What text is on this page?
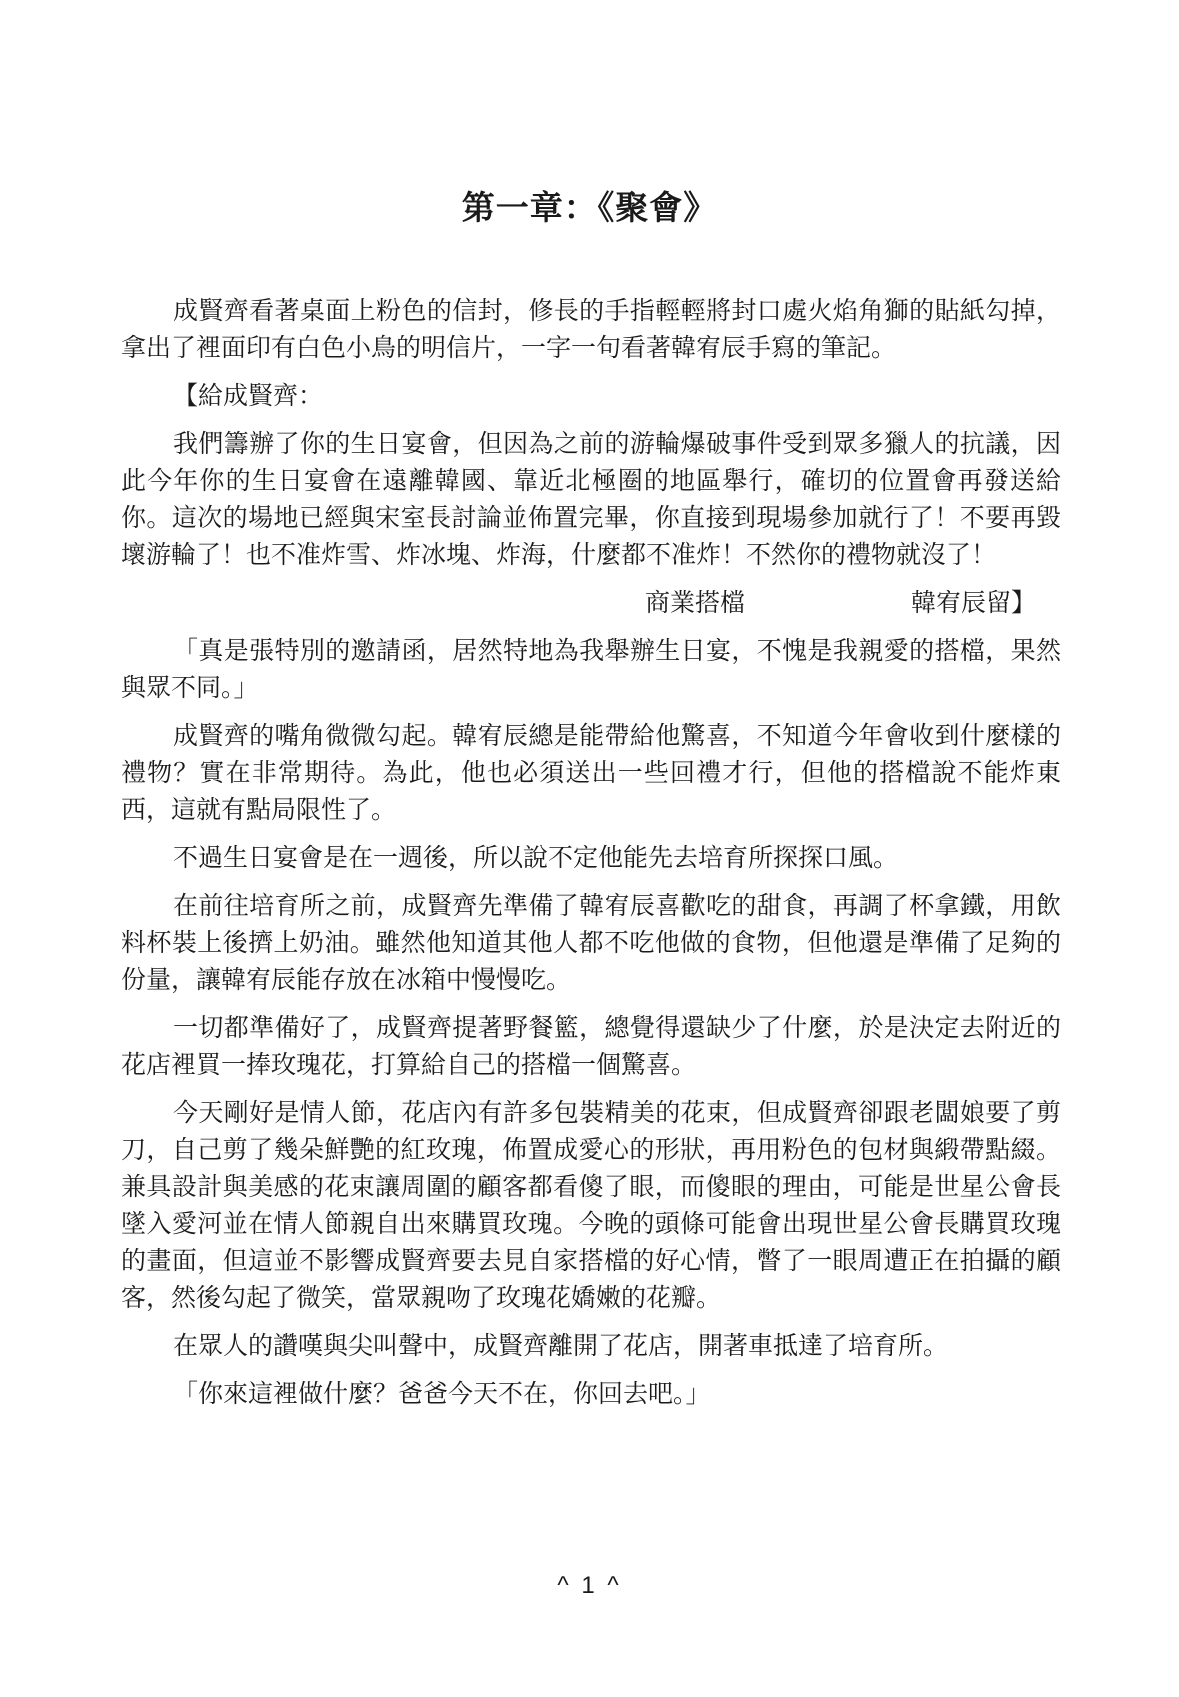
第一章：《聚會》

成賢齊看著桌面上粉色的信封，修長的手指輕輕將封口處火焰角獅的貼紙勾掉，拿出了裡面印有白色小鳥的明信片，一字一句看著韓宥辰手寫的筆記。

【給成賢齊：

我們籌辦了你的生日宴會，但因為之前的游輪爆破事件受到眾多獵人的抗議，因此今年你的生日宴會在遠離韓國、靠近北極圈的地區舉行，確切的位置會再發送給你。這次的場地已經與宋室長討論並佈置完畢，你直接到現場參加就行了！不要再毀壞游輪了！也不准炸雪、炸冰塊、炸海，什麼都不准炸！不然你的禮物就沒了！

商業搭檔	韓宥辰留】

「真是張特別的邀請函，居然特地為我舉辦生日宴，不愧是我親愛的搭檔，果然與眾不同。」

成賢齊的嘴角微微勾起。韓宥辰總是能帶給他驚喜，不知道今年會收到什麼樣的禮物？實在非常期待。為此，他也必須送出一些回禮才行，但他的搭檔說不能炸東西，這就有點局限性了。

不過生日宴會是在一週後，所以說不定他能先去培育所探探口風。

在前往培育所之前，成賢齊先準備了韓宥辰喜歡吃的甜食，再調了杯拿鐵，用飲料杯裝上後擠上奶油。雖然他知道其他人都不吃他做的食物，但他還是準備了足夠的份量，讓韓宥辰能存放在冰箱中慢慢吃。

一切都準備好了，成賢齊提著野餐籃，總覺得還缺少了什麼，於是決定去附近的花店裡買一捧玫瑰花，打算給自己的搭檔一個驚喜。

今天剛好是情人節，花店內有許多包裝精美的花束，但成賢齊卻跟老闆娘要了剪刀，自己剪了幾朵鮮艷的紅玫瑰，佈置成愛心的形狀，再用粉色的包材與緞帶點綴。兼具設計與美感的花束讓周圍的顧客都看傻了眼，而傻眼的理由，可能是世星公會長墜入愛河並在情人節親自出來購買玫瑰。今晚的頭條可能會出現世星公會長購買玫瑰的畫面，但這並不影響成賢齊要去見自家搭檔的好心情，瞥了一眼周遭正在拍攝的顧客，然後勾起了微笑，當眾親吻了玫瑰花嬌嫩的花瓣。

在眾人的讚嘆與尖叫聲中，成賢齊離開了花店，開著車抵達了培育所。

「你來這裡做什麼？爸爸今天不在，你回去吧。」

^ 1 ^
